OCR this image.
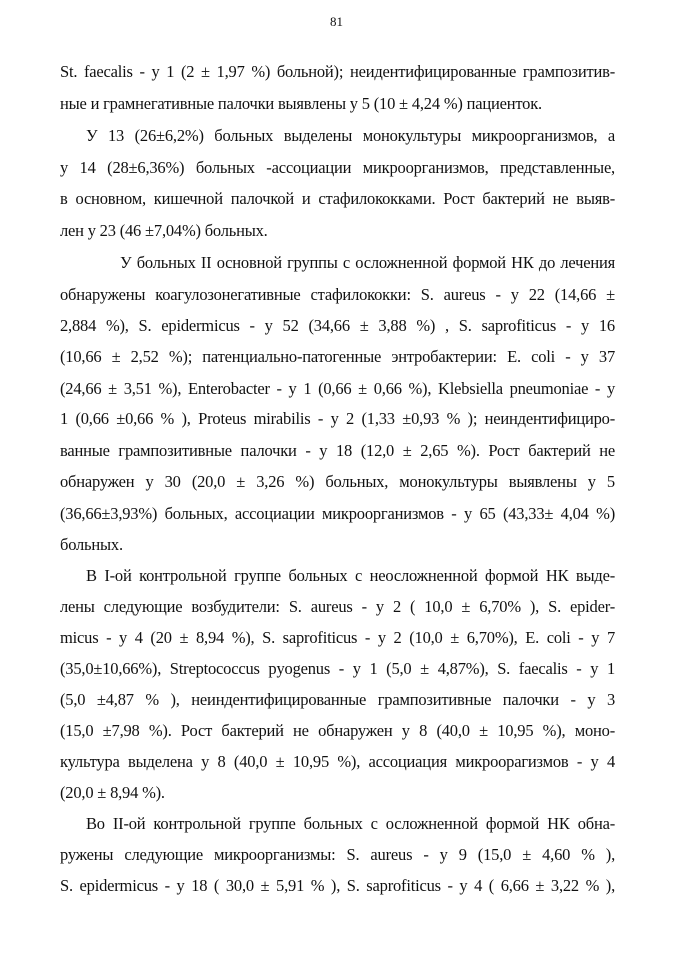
81
St. faecalis - у 1 (2 ± 1,97 %) больной); неидентифицированные грампозитив-
ные и грамнегативные палочки выявлены у 5 (10 ± 4,24 %) пациенток.
У 13 (26±6,2%) больных выделены монокультуры микроорганизмов, а
у 14 (28±6,36%) больных -ассоциации микроорганизмов, представленные,
в основном, кишечной палочкой и стафилококками. Рост бактерий не выяв-
лен у 23 (46 ±7,04%) больных.
У больных II основной группы с осложненной формой НК до лечения
обнаружены коагулозонегативные стафилококки: S. aureus - у 22 (14,66 ±
2,884 %), S. epidermicus - у 52 (34,66 ± 3,88 %) , S. saprofiticus - у 16
(10,66 ± 2,52 %); патенциально-патогенные энтробактерии: E. coli - у 37
(24,66 ± 3,51 %), Enterobacter - у 1 (0,66 ± 0,66 %), Klebsiella pneumoniae - у
1 (0,66 ±0,66 % ), Proteus mirabilis - у 2 (1,33 ±0,93 % ); неиндентифициро-
ванные грампозитивные палочки - у 18 (12,0 ± 2,65 %). Рост бактерий не
обнаружен у 30 (20,0 ± 3,26 %) больных, монокультуры выявлены у 5
(36,66±3,93%) больных, ассоциации микроорганизмов - у 65 (43,33± 4,04 %)
больных.
В I-ой контрольной группе больных с неосложненной формой НК выде-
лены следующие возбудители: S. aureus - у 2 ( 10,0 ± 6,70% ), S. epider-
micus - у 4 (20 ± 8,94 %), S. saprofiticus - у 2 (10,0 ± 6,70%), E. coli - у 7
(35,0±10,66%), Streptococcus pyogenus - у 1 (5,0 ± 4,87%), S. faecalis - у 1
(5,0 ±4,87 % ), неиндентифицированные грампозитивные палочки - у 3
(15,0 ±7,98 %). Рост бактерий не обнаружен у 8 (40,0 ± 10,95 %), моно-
культура выделена у 8 (40,0 ± 10,95 %), ассоциация микроорагизмов - у 4
(20,0 ± 8,94 %).
Во II-ой контрольной группе больных с осложненной формой НК обна-
ружены следующие микроорганизмы: S. aureus - у 9 (15,0 ± 4,60 % ),
S. epidermicus - у 18 ( 30,0 ± 5,91 % ), S. saprofiticus - у 4 ( 6,66 ± 3,22 % ),
